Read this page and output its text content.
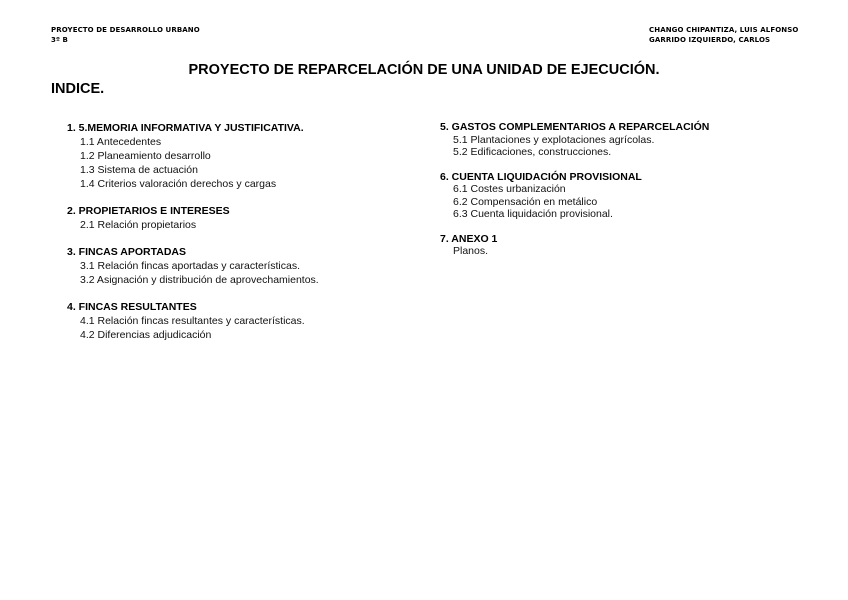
PROYECTO DE DESARROLLO URBANO
3º B
CHANGO CHIPANTIZA, LUIS ALFONSO
GARRIDO IZQUIERDO, CARLOS
PROYECTO DE REPARCELACIÓN DE UNA UNIDAD DE EJECUCIÓN.
INDICE.
1. 5.MEMORIA INFORMATIVA Y JUSTIFICATIVA.
1.1 Antecedentes
1.2 Planeamiento desarrollo
1.3 Sistema de actuación
1.4 Criterios valoración derechos y cargas
2. PROPIETARIOS E INTERESES
2.1 Relación propietarios
3. FINCAS APORTADAS
3.1 Relación fincas aportadas y características.
3.2 Asignación y distribución de aprovechamientos.
4. FINCAS RESULTANTES
4.1 Relación fincas resultantes y características.
4.2 Diferencias adjudicación
5. GASTOS COMPLEMENTARIOS A REPARCELACIÓN
5.1 Plantaciones y explotaciones agrícolas.
5.2 Edificaciones, construcciones.
6. CUENTA LIQUIDACIÓN PROVISIONAL
6.1 Costes urbanización
6.2 Compensación en metálico
6.3 Cuenta liquidación provisional.
7. ANEXO 1
Planos.
